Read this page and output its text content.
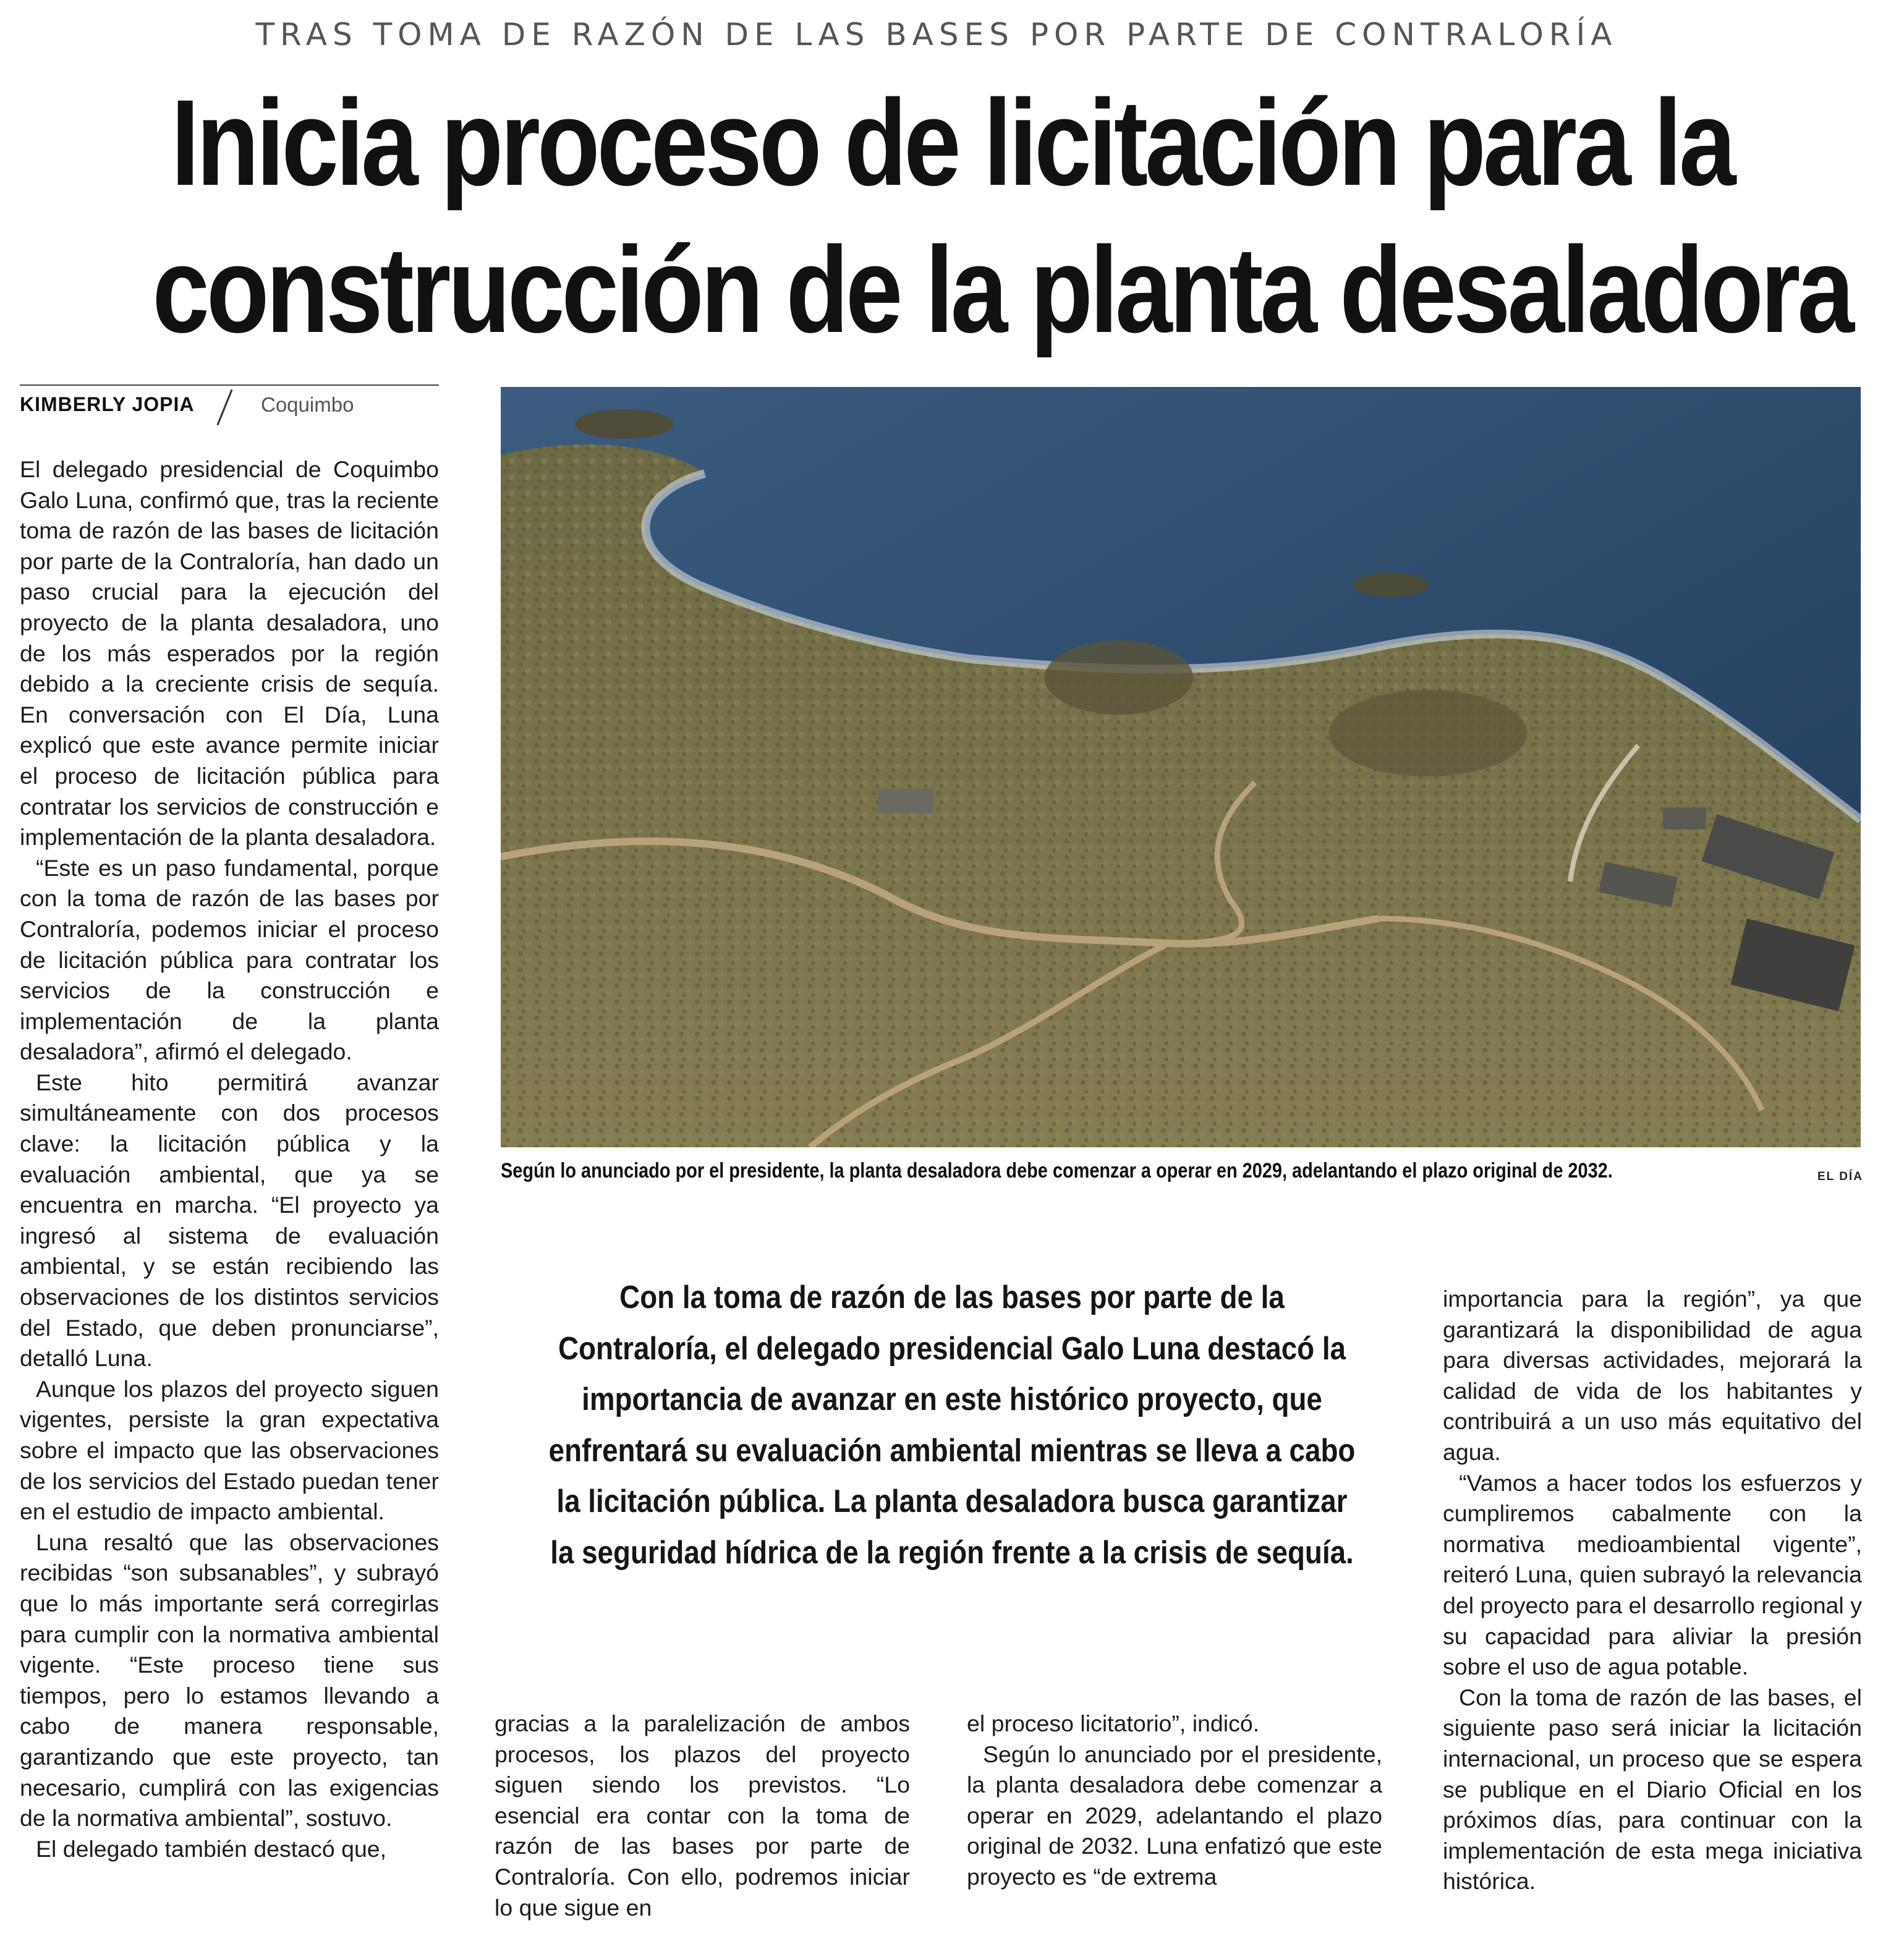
TRAS TOMA DE RAZÓN DE LAS BASES POR PARTE DE CONTRALORÍA
Inicia proceso de licitación para la
construcción de la planta desaladora
KIMBERLY JOPIA	Coquimbo

El delegado presidencial de Coquimbo Galo Luna, confirmó que, tras la reciente toma de razón de las bases de licitación por parte de la Contraloría, han dado un paso crucial para la ejecución del proyecto de la planta desaladora, uno de los más esperados por la región debido a la creciente crisis de sequía. En conversación con El Día, Luna explicó que este avance permite iniciar el proceso de licitación pública para contratar los servicios de construcción e implementación de la planta desaladora.

“Este es un paso fundamental, porque con la toma de razón de las bases por Contraloría, podemos iniciar el proceso de licitación pública para contratar los servicios de la construcción e implementación de la planta desaladora”, afirmó el delegado.

Este hito permitirá avanzar simultáneamente con dos procesos clave: la licitación pública y la evaluación ambiental, que ya se encuentra en marcha. “El proyecto ya ingresó al sistema de evaluación ambiental, y se están recibiendo las observaciones de los distintos servicios del Estado, que deben pronunciarse”, detalló Luna.

Aunque los plazos del proyecto siguen vigentes, persiste la gran expectativa sobre el impacto que las observaciones de los servicios del Estado puedan tener en el estudio de impacto ambiental.

Luna resaltó que las observaciones recibidas “son subsanables”, y subrayó que lo más importante será corregirlas para cumplir con la normativa ambiental vigente. “Este proceso tiene sus tiempos, pero lo estamos llevando a cabo de manera responsable, garantizando que este proyecto, tan necesario, cumplirá con las exigencias de la normativa ambiental”, sostuvo.

El delegado también destacó que,

Según lo anunciado por el presidente, la planta desaladora debe comenzar a operar en 2029, adelantando el plazo original de 2032.	EL DÍA
Con la toma de razón de las bases por parte de la Contraloría, el delegado presidencial Galo Luna destacó la importancia de avanzar en este histórico proyecto, que enfrentará su evaluación ambiental mientras se lleva a cabo la licitación pública. La planta desaladora busca garantizar la seguridad hídrica de la región frente a la crisis de sequía.

gracias a la paralelización de ambos procesos, los plazos del proyecto siguen siendo los previstos. “Lo esencial era contar con la toma de razón de las bases por parte de Contraloría. Con ello, podremos iniciar lo que sigue en

el proceso licitatorio”, indicó.

Según lo anunciado por el presidente, la planta desaladora debe comenzar a operar en 2029, adelantando el plazo original de 2032. Luna enfatizó que este proyecto es “de extrema

importancia para la región”, ya que garantizará la disponibilidad de agua para diversas actividades, mejorará la calidad de vida de los habitantes y contribuirá a un uso más equitativo del agua.

“Vamos a hacer todos los esfuerzos y cumpliremos cabalmente con la normativa medioambiental vigente”, reiteró Luna, quien subrayó la relevancia del proyecto para el desarrollo regional y su capacidad para aliviar la presión sobre el uso de agua potable.

Con la toma de razón de las bases, el siguiente paso será iniciar la licitación internacional, un proceso que se espera se publique en el Diario Oficial en los próximos días, para continuar con la implementación de esta mega iniciativa histórica.
